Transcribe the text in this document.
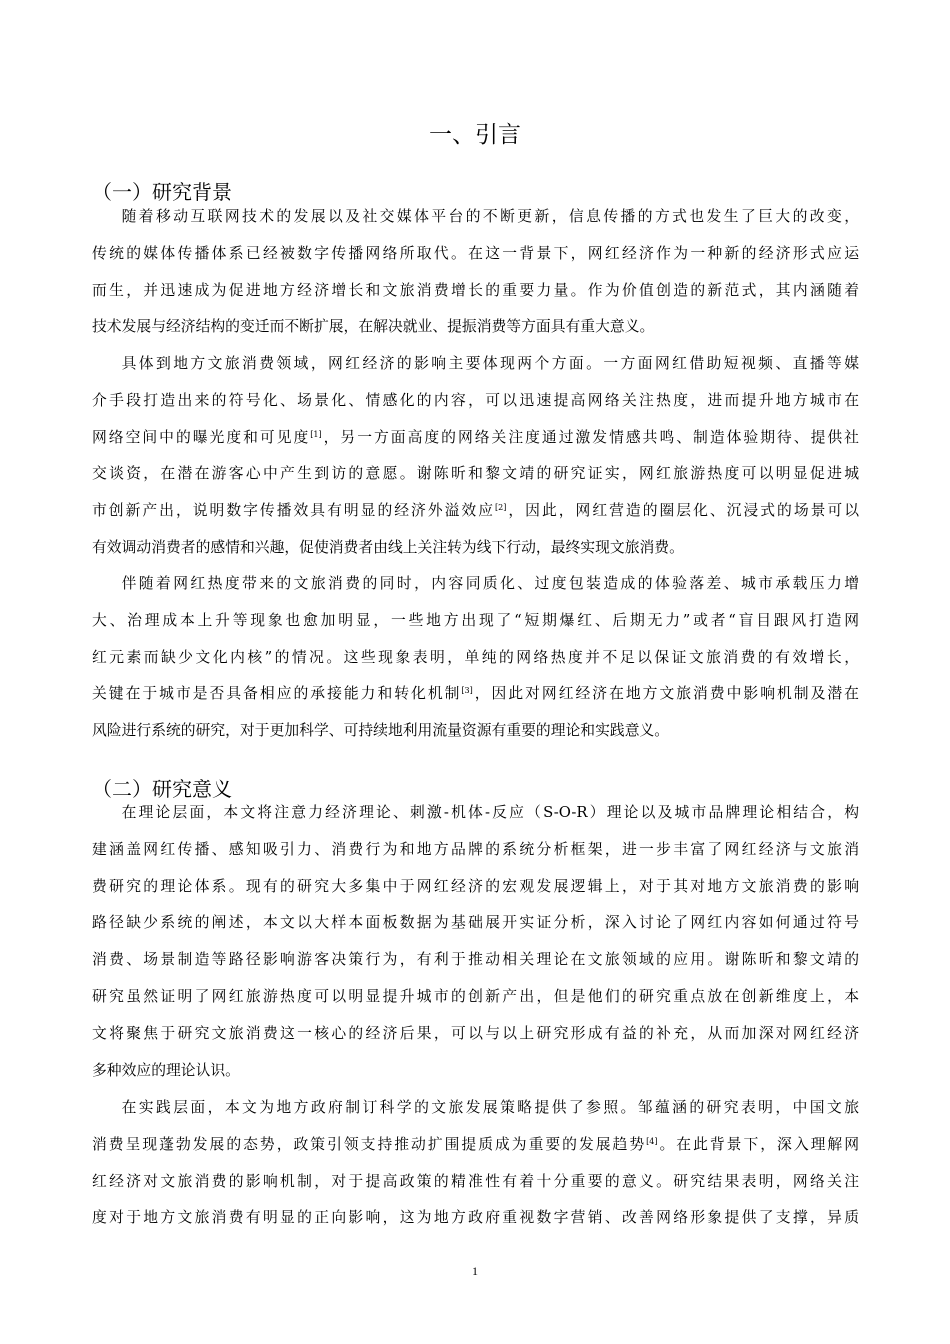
一、引言
（一）研究背景
随着移动互联网技术的发展以及社交媒体平台的不断更新，信息传播的方式也发生了巨大的改变，
传统的媒体传播体系已经被数字传播网络所取代。在这一背景下，网红经济作为一种新的经济形式应运
而生，并迅速成为促进地方经济增长和文旅消费增长的重要力量。作为价值创造的新范式，其内涵随着
技术发展与经济结构的变迁而不断扩展，在解决就业、提振消费等方面具有重大意义。
具体到地方文旅消费领域，网红经济的影响主要体现两个方面。一方面网红借助短视频、直播等媒
介手段打造出来的符号化、场景化、情感化的内容，可以迅速提高网络关注热度，进而提升地方城市在
网络空间中的曝光度和可见度[1]，另一方面高度的网络关注度通过激发情感共鸣、制造体验期待、提供社
交谈资，在潜在游客心中产生到访的意愿。谢陈昕和黎文靖的研究证实，网红旅游热度可以明显促进城
市创新产出，说明数字传播效具有明显的经济外溢效应[2]，因此，网红营造的圈层化、沉浸式的场景可以
有效调动消费者的感情和兴趣，促使消费者由线上关注转为线下行动，最终实现文旅消费。
伴随着网红热度带来的文旅消费的同时，内容同质化、过度包装造成的体验落差、城市承载压力增
大、治理成本上升等现象也愈加明显，一些地方出现了“短期爆红、后期无力”或者“盲目跟风打造网
红元素而缺少文化内核”的情况。这些现象表明，单纯的网络热度并不足以保证文旅消费的有效增长，
关键在于城市是否具备相应的承接能力和转化机制[3]，因此对网红经济在地方文旅消费中影响机制及潜在
风险进行系统的研究，对于更加科学、可持续地利用流量资源有重要的理论和实践意义。
（二）研究意义
在理论层面，本文将注意力经济理论、刺激-机体-反应（S-O-R）理论以及城市品牌理论相结合，构
建涵盖网红传播、感知吸引力、消费行为和地方品牌的系统分析框架，进一步丰富了网红经济与文旅消
费研究的理论体系。现有的研究大多集中于网红经济的宏观发展逻辑上，对于其对地方文旅消费的影响
路径缺少系统的阐述，本文以大样本面板数据为基础展开实证分析，深入讨论了网红内容如何通过符号
消费、场景制造等路径影响游客决策行为，有利于推动相关理论在文旅领域的应用。谢陈昕和黎文靖的
研究虽然证明了网红旅游热度可以明显提升城市的创新产出，但是他们的研究重点放在创新维度上，本
文将聚焦于研究文旅消费这一核心的经济后果，可以与以上研究形成有益的补充，从而加深对网红经济
多种效应的理论认识。
在实践层面，本文为地方政府制订科学的文旅发展策略提供了参照。邹蕴涵的研究表明，中国文旅
消费呈现蓬勃发展的态势，政策引领支持推动扩围提质成为重要的发展趋势[4]。在此背景下，深入理解网
红经济对文旅消费的影响机制，对于提高政策的精准性有着十分重要的意义。研究结果表明，网络关注
度对于地方文旅消费有明显的正向影响，这为地方政府重视数字营销、改善网络形象提供了支撑，异质
1
